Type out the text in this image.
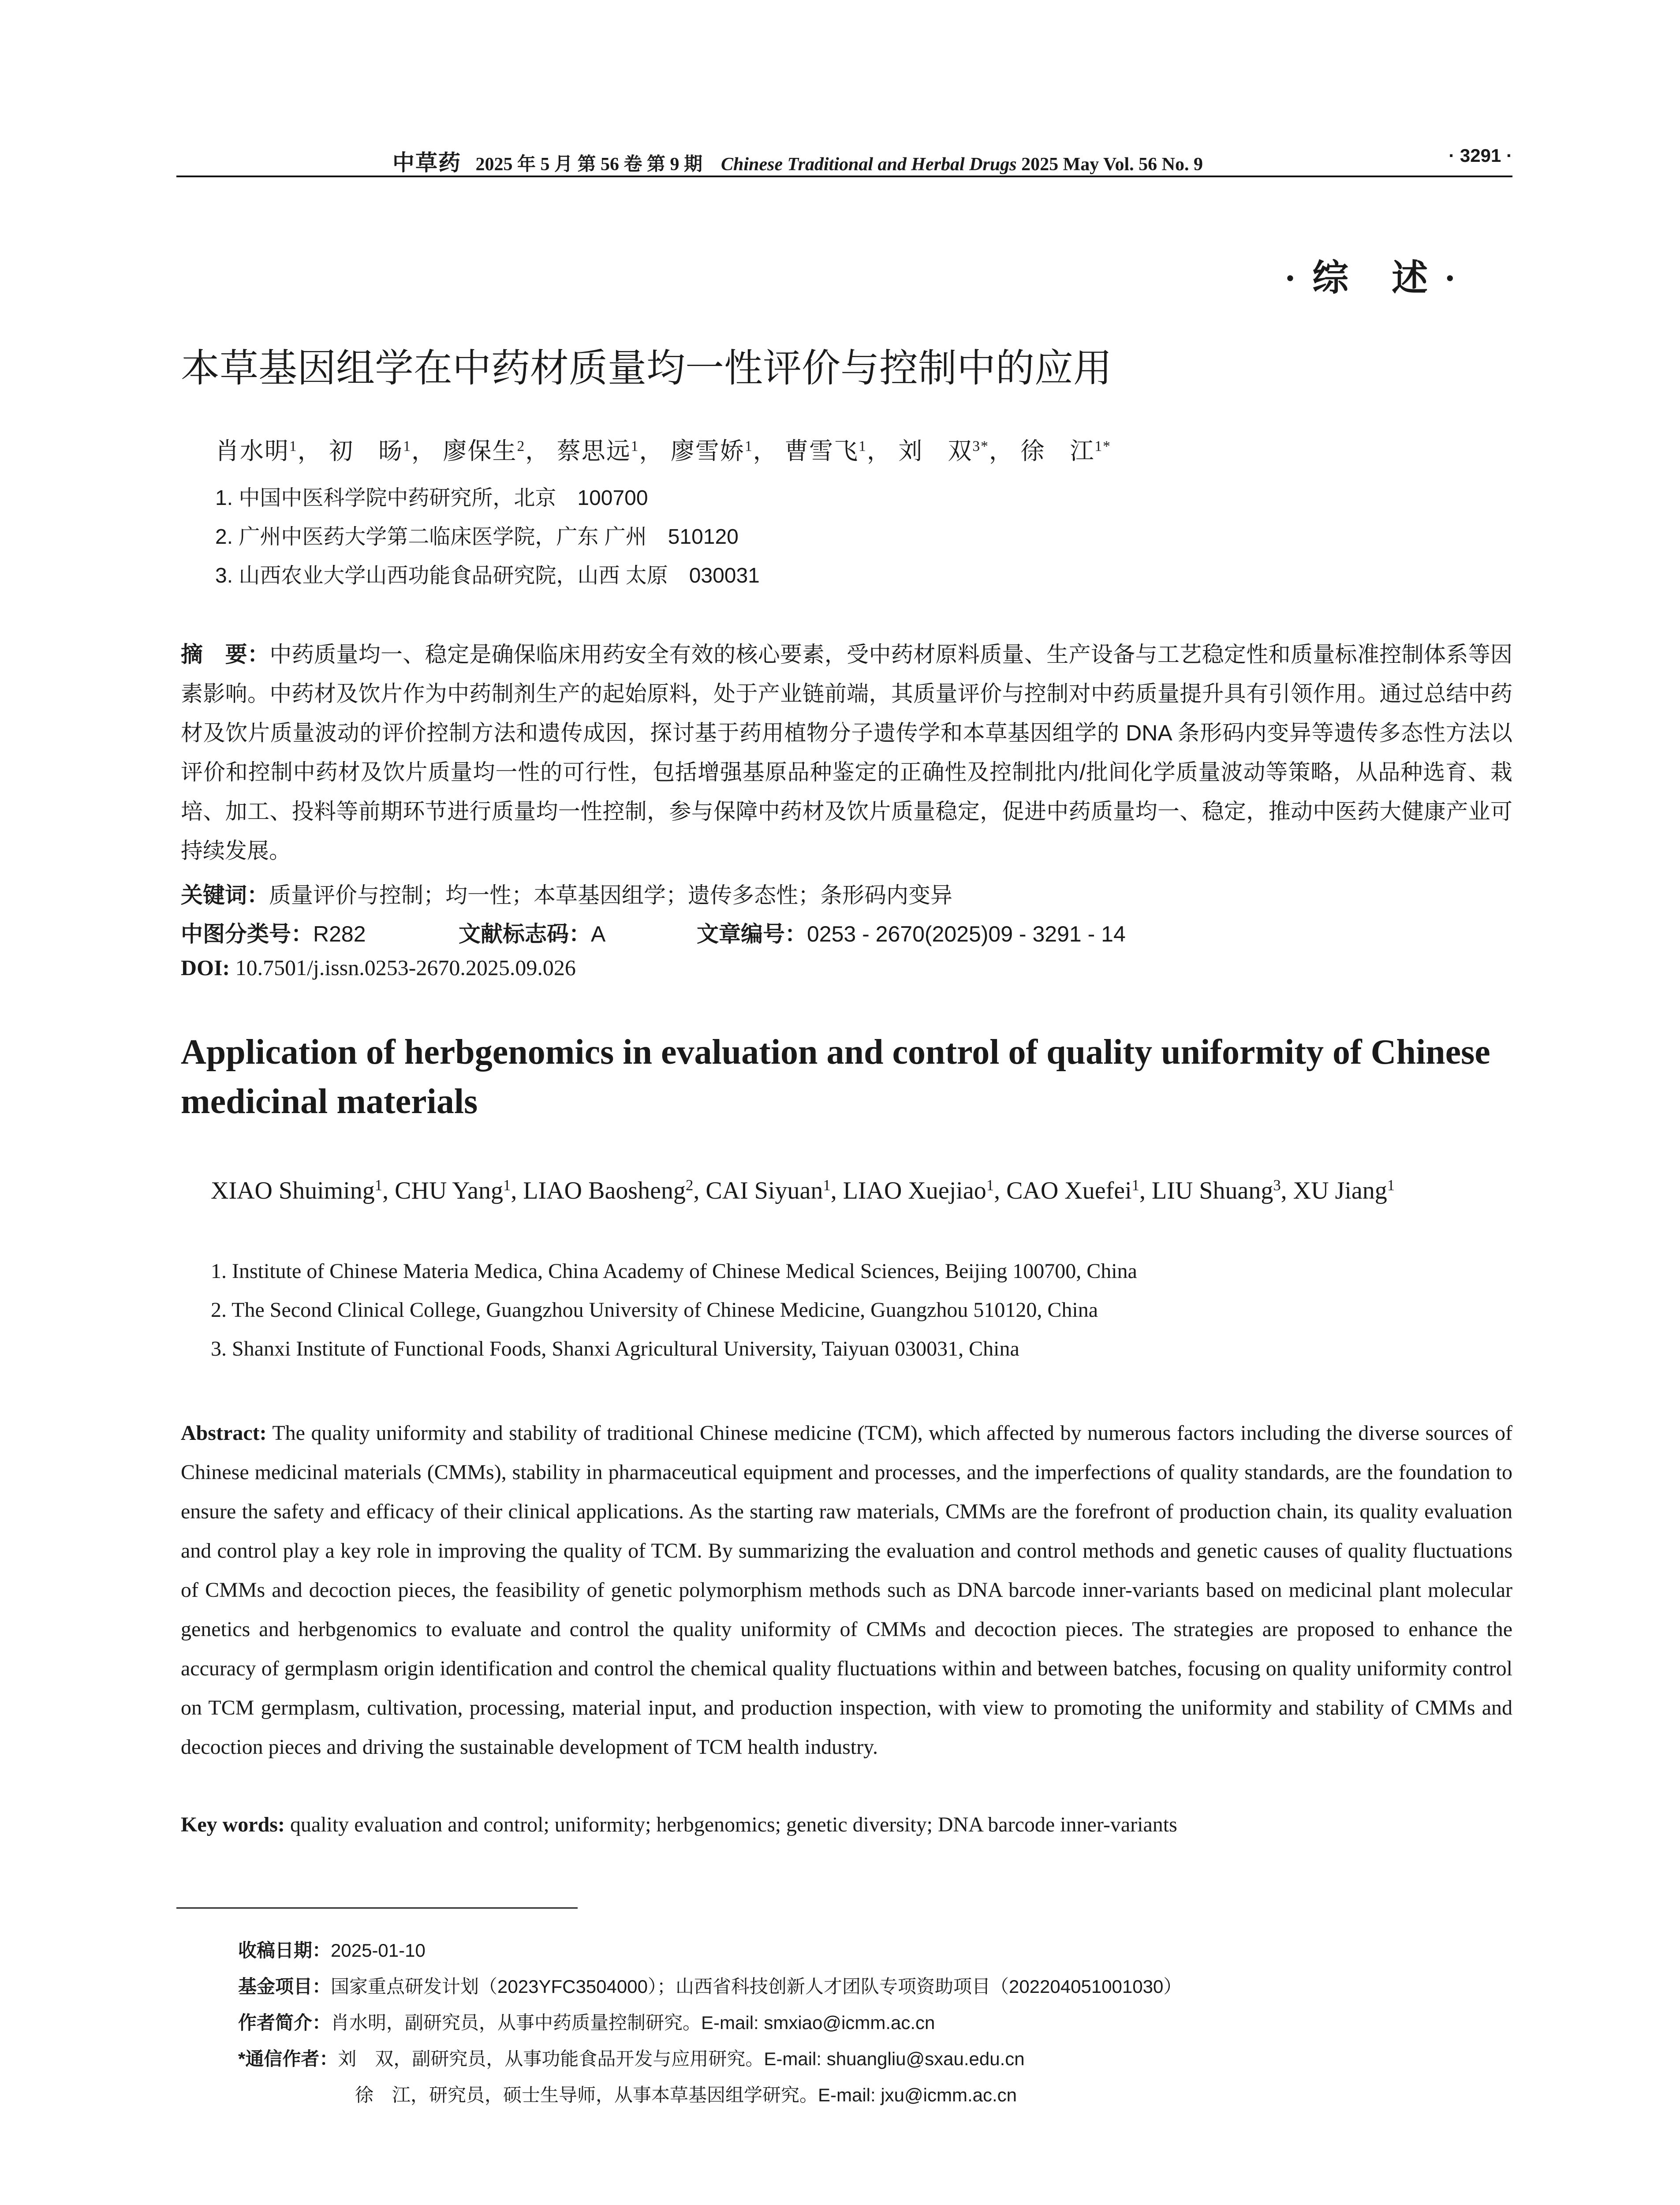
中草药 2025 年 5 月 第 56 卷 第 9 期 Chinese Traditional and Herbal Drugs 2025 May Vol. 56 No. 9	· 3291 ·
· 综　述 ·
本草基因组学在中药材质量均一性评价与控制中的应用
肖水明$^1$， 初　旸$^1$， 廖保生$^2$， 蔡思远$^1$， 廖雪娇$^1$， 曹雪飞$^1$， 刘　双$^{3*}$， 徐　江$^{1*}$
1. 中国中医科学院中药研究所，北京　100700
2. 广州中医药大学第二临床医学院，广东 广州　510120
3. 山西农业大学山西功能食品研究院，山西 太原　030031
摘　要：中药质量均一、稳定是确保临床用药安全有效的核心要素，受中药材原料质量、生产设备与工艺稳定性和质量标准控制体系等因素影响。中药材及饮片作为中药制剂生产的起始原料，处于产业链前端，其质量评价与控制对中药质量提升具有引领作用。通过总结中药材及饮片质量波动的评价控制方法和遗传成因，探讨基于药用植物分子遗传学和本草基因组学的 DNA 条形码内变异等遗传多态性方法以评价和控制中药材及饮片质量均一性的可行性，包括增强基原品种鉴定的正确性及控制批内/批间化学质量波动等策略，从品种选育、栽培、加工、投料等前期环节进行质量均一性控制，参与保障中药材及饮片质量稳定，促进中药质量均一、稳定，推动中医药大健康产业可持续发展。
关键词：质量评价与控制；均一性；本草基因组学；遗传多态性；条形码内变异
中图分类号：R282	文献标志码：A	文章编号：0253 - 2670(2025)09 - 3291 - 14
DOI: 10.7501/j.issn.0253-2670.2025.09.026
Application of herbgenomics in evaluation and control of quality uniformity of Chinese medicinal materials
XIAO Shuiming$^1$, CHU Yang$^1$, LIAO Baosheng$^2$, CAI Siyuan$^1$, LIAO Xuejiao$^1$, CAO Xuefei$^1$, LIU Shuang$^3$, XU Jiang$^1$
1. Institute of Chinese Materia Medica, China Academy of Chinese Medical Sciences, Beijing 100700, China
2. The Second Clinical College, Guangzhou University of Chinese Medicine, Guangzhou 510120, China
3. Shanxi Institute of Functional Foods, Shanxi Agricultural University, Taiyuan 030031, China
Abstract: The quality uniformity and stability of traditional Chinese medicine (TCM), which affected by numerous factors including the diverse sources of Chinese medicinal materials (CMMs), stability in pharmaceutical equipment and processes, and the imperfections of quality standards, are the foundation to ensure the safety and efficacy of their clinical applications. As the starting raw materials, CMMs are the forefront of production chain, its quality evaluation and control play a key role in improving the quality of TCM. By summarizing the evaluation and control methods and genetic causes of quality fluctuations of CMMs and decoction pieces, the feasibility of genetic polymorphism methods such as DNA barcode inner-variants based on medicinal plant molecular genetics and herbgenomics to evaluate and control the quality uniformity of CMMs and decoction pieces. The strategies are proposed to enhance the accuracy of germplasm origin identification and control the chemical quality fluctuations within and between batches, focusing on quality uniformity control on TCM germplasm, cultivation, processing, material input, and production inspection, with view to promoting the uniformity and stability of CMMs and decoction pieces and driving the sustainable development of TCM health industry.
Key words: quality evaluation and control; uniformity; herbgenomics; genetic diversity; DNA barcode inner-variants
收稿日期：2025-01-10
基金项目：国家重点研发计划（2023YFC3504000）；山西省科技创新人才团队专项资助项目（202204051001030）
作者简介：肖水明，副研究员，从事中药质量控制研究。E-mail: smxiao@icmm.ac.cn
*通信作者：刘　双，副研究员，从事功能食品开发与应用研究。E-mail: shuangliu@sxau.edu.cn
徐　江，研究员，硕士生导师，从事本草基因组学研究。E-mail: jxu@icmm.ac.cn
